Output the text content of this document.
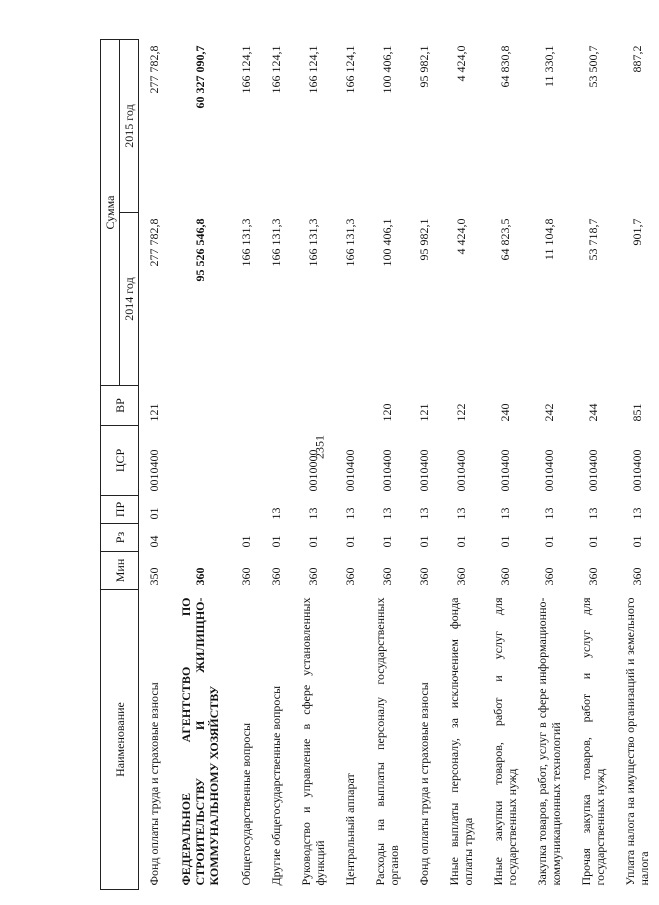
2351
Наименование	Мин	Рз	ПР	ЦСР	ВР	Сумма	
						2014 год	2015 год
Фонд оплаты труда и страховые взносы	350	04	01	0010400	121	277 782,8	277 782,8
ФЕДЕРАЛЬНОЕ АГЕНТСТВО ПО СТРОИТЕЛЬСТВУ И ЖИЛИЩНО-КОММУНАЛЬНОМУ ХОЗЯЙСТВУ	360					95 526 546,8	60 327 090,7
Общегосударственные вопросы	360	01				166 131,3	166 124,1
Другие общегосударственные вопросы	360	01	13			166 131,3	166 124,1
Руководство и управление в сфере установленных функций	360	01	13	0010000		166 131,3	166 124,1
Центральный аппарат	360	01	13	0010400		166 131,3	166 124,1
Расходы на выплаты персоналу государственных органов	360	01	13	0010400	120	100 406,1	100 406,1
Фонд оплаты труда и страховые взносы	360	01	13	0010400	121	95 982,1	95 982,1
Иные выплаты персоналу, за исключением фонда оплаты труда	360	01	13	0010400	122	4 424,0	4 424,0
Иные закупки товаров, работ и услуг для государственных нужд	360	01	13	0010400	240	64 823,5	64 830,8
Закупка товаров, работ, услуг в сфере информационно-коммуникационных технологий	360	01	13	0010400	242	11 104,8	11 330,1
Прочая закупка товаров, работ и услуг для государственных нужд	360	01	13	0010400	244	53 718,7	53 500,7
Уплата налога на имущество организаций и земельного налога	360	01	13	0010400	851	901,7	887,2
